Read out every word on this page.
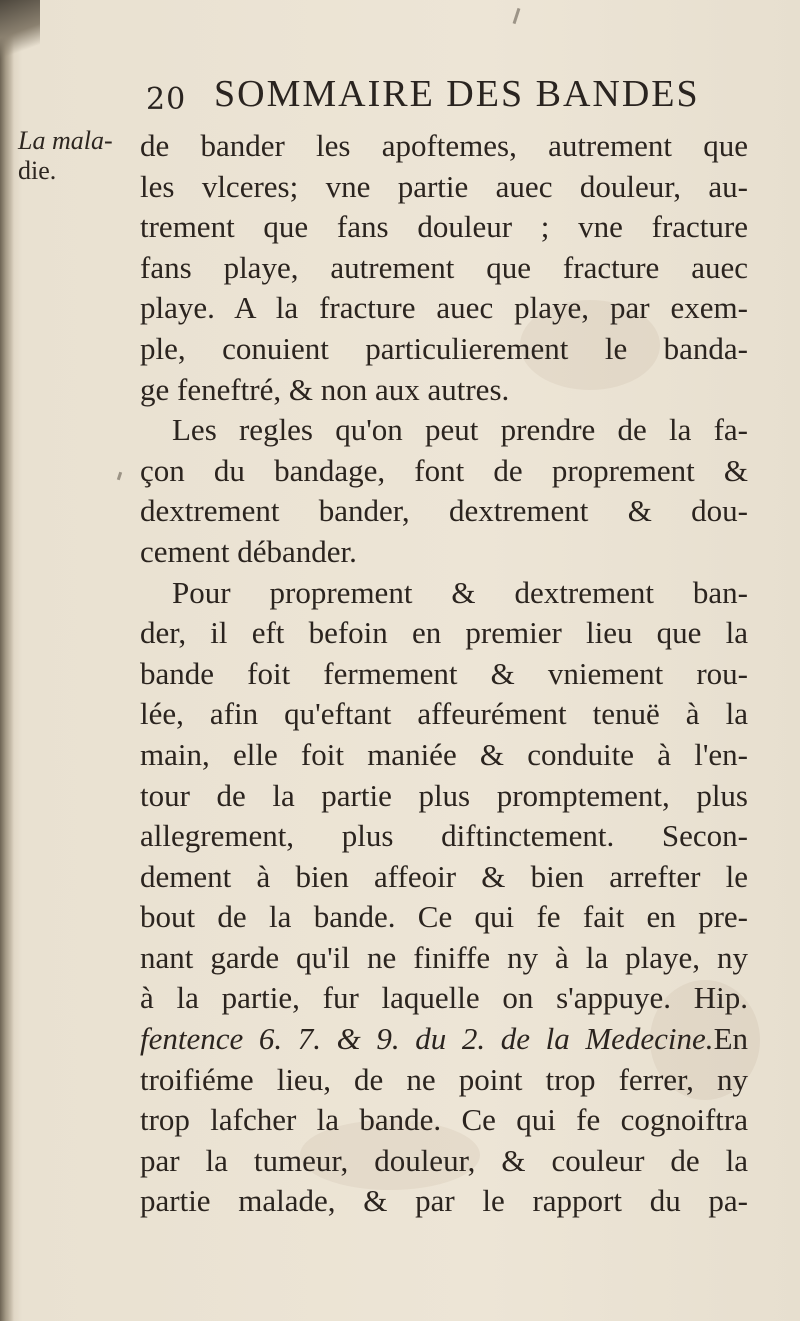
20 SOMMAIRE DES BANDES
La mala-
die.
de bander les apoftemes, autrement que
les vlceres; vne partie auec douleur, au-
trement que fans douleur ; vne fracture
fans playe, autrement que fracture auec
playe. A la fracture auec playe, par exem-
ple, conuient particulierement le banda-
ge feneftré, & non aux autres.
Les regles qu'on peut prendre de la fa-
çon du bandage, font de proprement &
dextrement bander, dextrement & dou-
cement débander.
Pour proprement & dextrement ban-
der, il eft befoin en premier lieu que la
bande foit fermement & vniement rou-
lée, afin qu'eftant affeurément tenuë à la
main, elle foit maniée & conduite à l'en-
tour de la partie plus promptement, plus
allegrement, plus diftinctement. Secon-
dement à bien affeoir & bien arrefter le
bout de la bande. Ce qui fe fait en pre-
nant garde qu'il ne finiffe ny à la playe, ny
à la partie, fur laquelle on s'appuye. Hip.
fentence 6. 7. & 9. du 2. de la Medecine.En
troifiéme lieu, de ne point trop ferrer, ny
trop lafcher la bande. Ce qui fe cognoiftra
par la tumeur, douleur, & couleur de la
partie malade, & par le rapport du pa-
